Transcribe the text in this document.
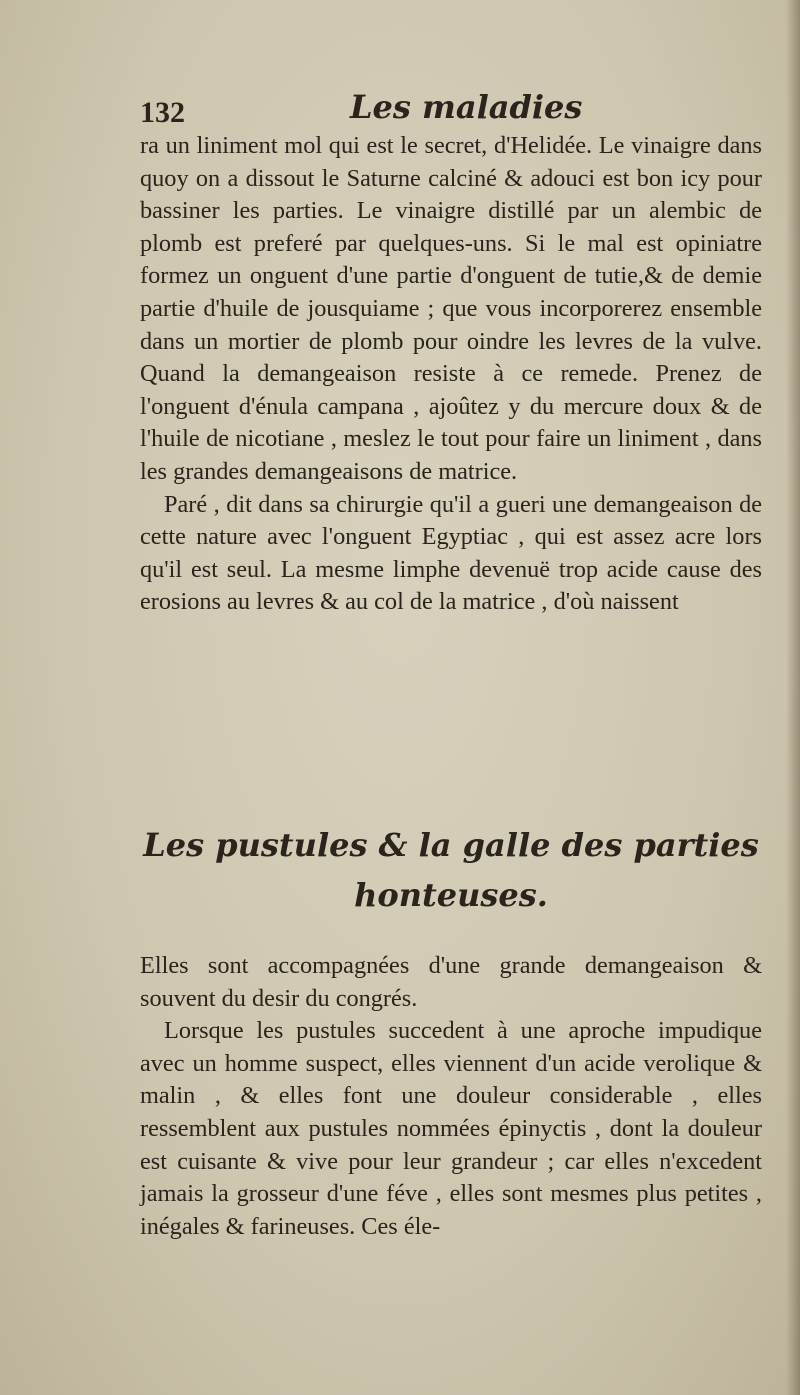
132	Les maladies

ra un liniment mol qui est le secret, d'Helidée. Le vinaigre dans quoy on a dissout le Saturne calciné & adouci est bon icy pour bassiner les parties. Le vinaigre distillé par un alembic de plomb est preferé par quelques-uns. Si le mal est opiniatre formez un onguent d'une partie d'onguent de tutie,& de demie partie d'huile de jousquiame ; que vous incorporerez ensemble dans un mortier de plomb pour oindre les levres de la vulve. Quand la demangeaison resiste à ce remede. Prenez de l'onguent d'énula campana , ajoûtez y du mercure doux & de l'huile de nicotiane , meslez le tout pour faire un liniment , dans les grandes demangeaisons de matrice.

Paré , dit dans sa chirurgie qu'il a gueri une demangeaison de cette nature avec l'onguent Egyptiac , qui est assez acre lors qu'il est seul. La mesme limphe devenuë trop acide cause des erosions au levres & au col de la matrice , d'où naissent

Les pustules & la galle des parties
honteuses.

Elles sont accompagnées d'une grande demangeaison & souvent du desir du congrés.

Lorsque les pustules succedent à une aproche impudique avec un homme suspect, elles viennent d'un acide verolique & malin , & elles font une douleur considerable , elles ressemblent aux pustules nommées épinyctis , dont la douleur est cuisante & vive pour leur grandeur ; car elles n'excedent jamais la grosseur d'une féve , elles sont mesmes plus petites , inégales & farineuses. Ces éle-
